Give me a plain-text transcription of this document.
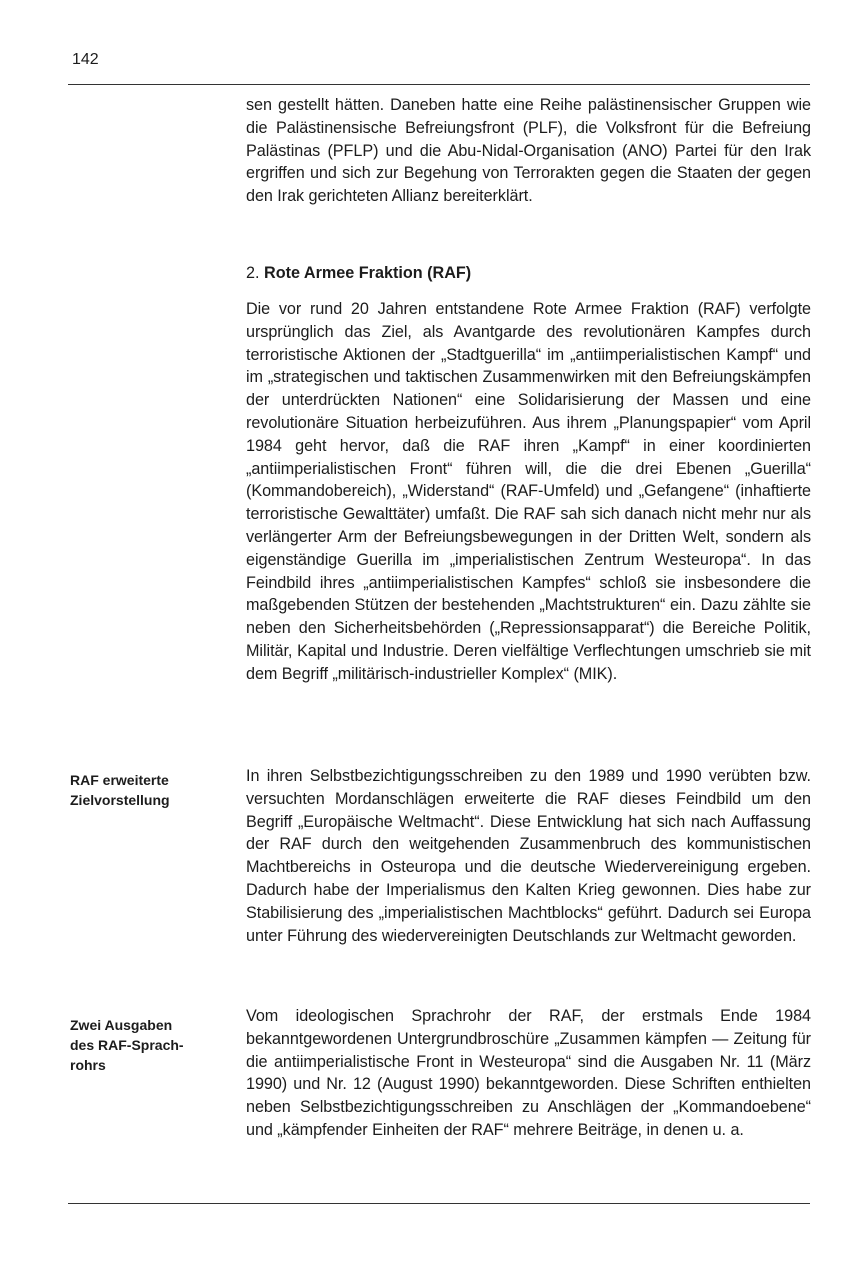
142

sen gestellt hätten. Daneben hatte eine Reihe palästinensischer Gruppen wie die Palästinensische Befreiungsfront (PLF), die Volksfront für die Befreiung Palästinas (PFLP) und die Abu-Nidal-Organisation (ANO) Partei für den Irak ergriffen und sich zur Begehung von Terrorakten gegen die Staaten der gegen den Irak gerichteten Allianz bereiterklärt.

2. Rote Armee Fraktion (RAF)

Die vor rund 20 Jahren entstandene Rote Armee Fraktion (RAF) verfolgte ursprünglich das Ziel, als Avantgarde des revolutionären Kampfes durch terroristische Aktionen der „Stadtguerilla“ im „antiimperialistischen Kampf“ und im „strategischen und taktischen Zusammenwirken mit den Befreiungskämpfen der unterdrückten Nationen“ eine Solidarisierung der Massen und eine revolutionäre Situation herbeizuführen. Aus ihrem „Planungspapier“ vom April 1984 geht hervor, daß die RAF ihren „Kampf“ in einer koordinierten „antiimperialistischen Front“ führen will, die die drei Ebenen „Guerilla“ (Kommandobereich), „Widerstand“ (RAF-Umfeld) und „Gefangene“ (inhaftierte terroristische Gewalttäter) umfaßt. Die RAF sah sich danach nicht mehr nur als verlängerter Arm der Befreiungsbewegungen in der Dritten Welt, sondern als eigenständige Guerilla im „imperialistischen Zentrum Westeuropa“. In das Feindbild ihres „antiimperialistischen Kampfes“ schloß sie insbesondere die maßgebenden Stützen der bestehenden „Machtstrukturen“ ein. Dazu zählte sie neben den Sicherheitsbehörden („Repressionsapparat“) die Bereiche Politik, Militär, Kapital und Industrie. Deren vielfältige Verflechtungen umschrieb sie mit dem Begriff „militärisch-industrieller Komplex“ (MIK).

RAF erweiterte
Zielvorstellung

In ihren Selbstbezichtigungsschreiben zu den 1989 und 1990 verübten bzw. versuchten Mordanschlägen erweiterte die RAF dieses Feindbild um den Begriff „Europäische Weltmacht“. Diese Entwicklung hat sich nach Auffassung der RAF durch den weitgehenden Zusammenbruch des kommunistischen Machtbereichs in Osteuropa und die deutsche Wiedervereinigung ergeben. Dadurch habe der Imperialismus den Kalten Krieg gewonnen. Dies habe zur Stabilisierung des „imperialistischen Machtblocks“ geführt. Dadurch sei Europa unter Führung des wiedervereinigten Deutschlands zur Weltmacht geworden.

Zwei Ausgaben
des RAF-Sprach-
rohrs

Vom ideologischen Sprachrohr der RAF, der erstmals Ende 1984 bekanntgewordenen Untergrundbroschüre „Zusammen kämpfen — Zeitung für die antiimperialistische Front in Westeuropa“ sind die Ausgaben Nr. 11 (März 1990) und Nr. 12 (August 1990) bekanntgeworden. Diese Schriften enthielten neben Selbstbezichtigungsschreiben zu Anschlägen der „Kommandoebene“ und „kämpfender Einheiten der RAF“ mehrere Beiträge, in denen u. a.
